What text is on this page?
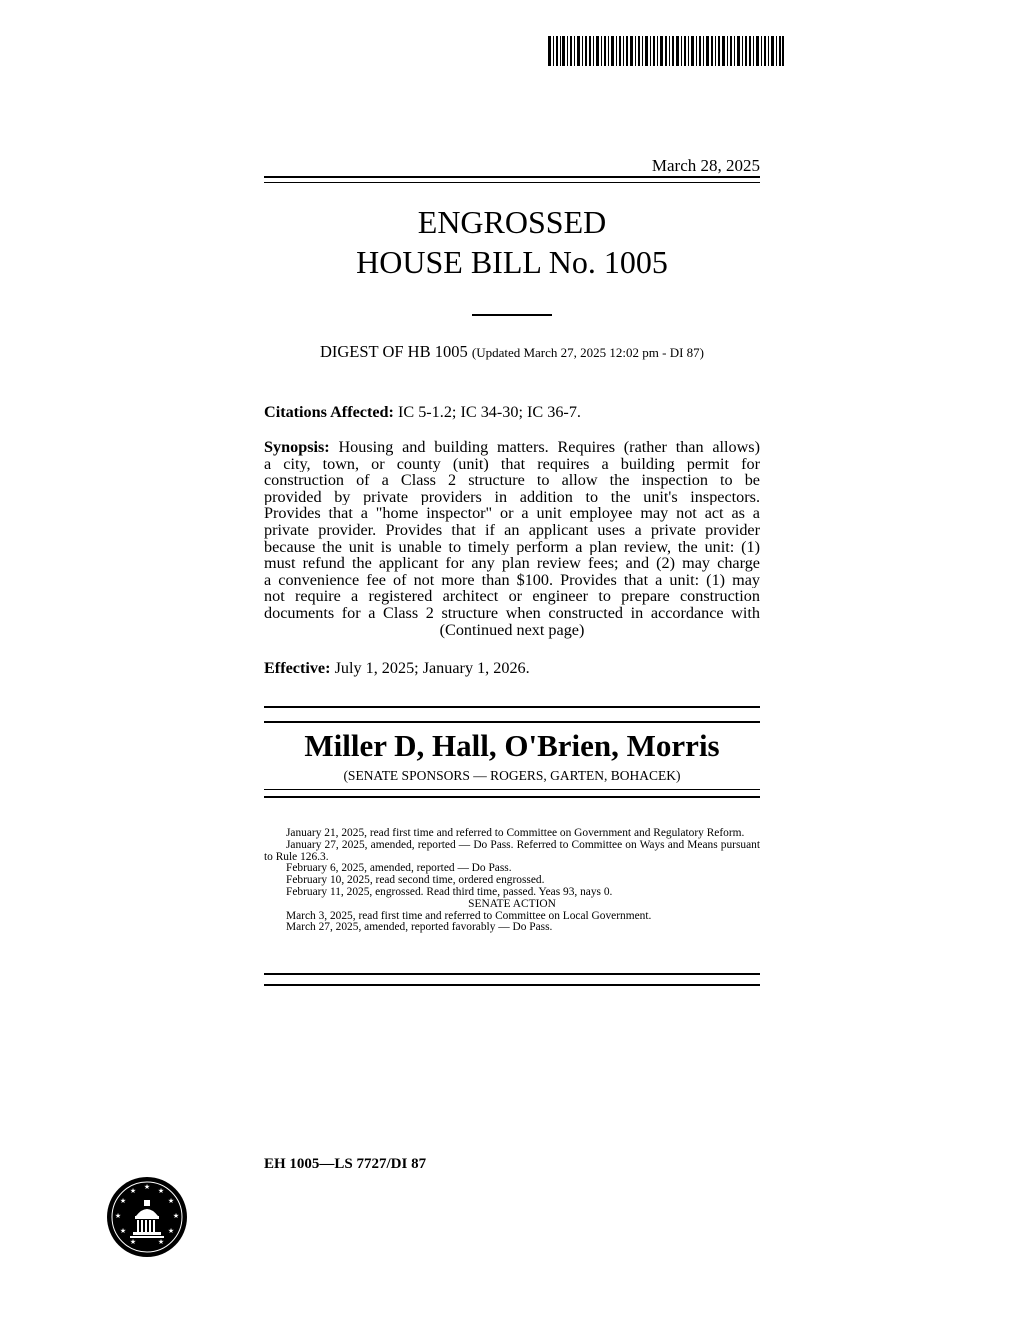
March 28, 2025
ENGROSSED
HOUSE BILL No. 1005
DIGEST OF HB 1005 (Updated March 27, 2025 12:02 pm - DI 87)
Citations Affected: IC 5-1.2; IC 34-30; IC 36-7.
Synopsis: Housing and building matters. Requires (rather than allows)
a city, town, or county (unit) that requires a building permit for
construction of a Class 2 structure to allow the inspection to be
provided by private providers in addition to the unit's inspectors.
Provides that a "home inspector" or a unit employee may not act as a
private provider. Provides that if an applicant uses a private provider
because the unit is unable to timely perform a plan review, the unit: (1)
must refund the applicant for any plan review fees; and (2) may charge
a convenience fee of not more than $100. Provides that a unit: (1) may
not require a registered architect or engineer to prepare construction
documents for a Class 2 structure when constructed in accordance with
(Continued next page)
Effective: July 1, 2025; January 1, 2026.
Miller D, Hall, O'Brien, Morris
(SENATE SPONSORS — ROGERS, GARTEN, BOHACEK)

January 21, 2025, read first time and referred to Committee on Government and Regulatory Reform.

January 27, 2025, amended, reported — Do Pass. Referred to Committee on Ways and Means pursuant to Rule 126.3.

February 6, 2025, amended, reported — Do Pass.

February 10, 2025, read second time, ordered engrossed.

February 11, 2025, engrossed. Read third time, passed. Yeas 93, nays 0.

SENATE ACTION

March 3, 2025, read first time and referred to Committee on Local Government.

March 27, 2025, amended, reported favorably — Do Pass.

EH 1005—LS 7727/DI 87
★ ★
★
★
★
★
★
★
★
★
★
